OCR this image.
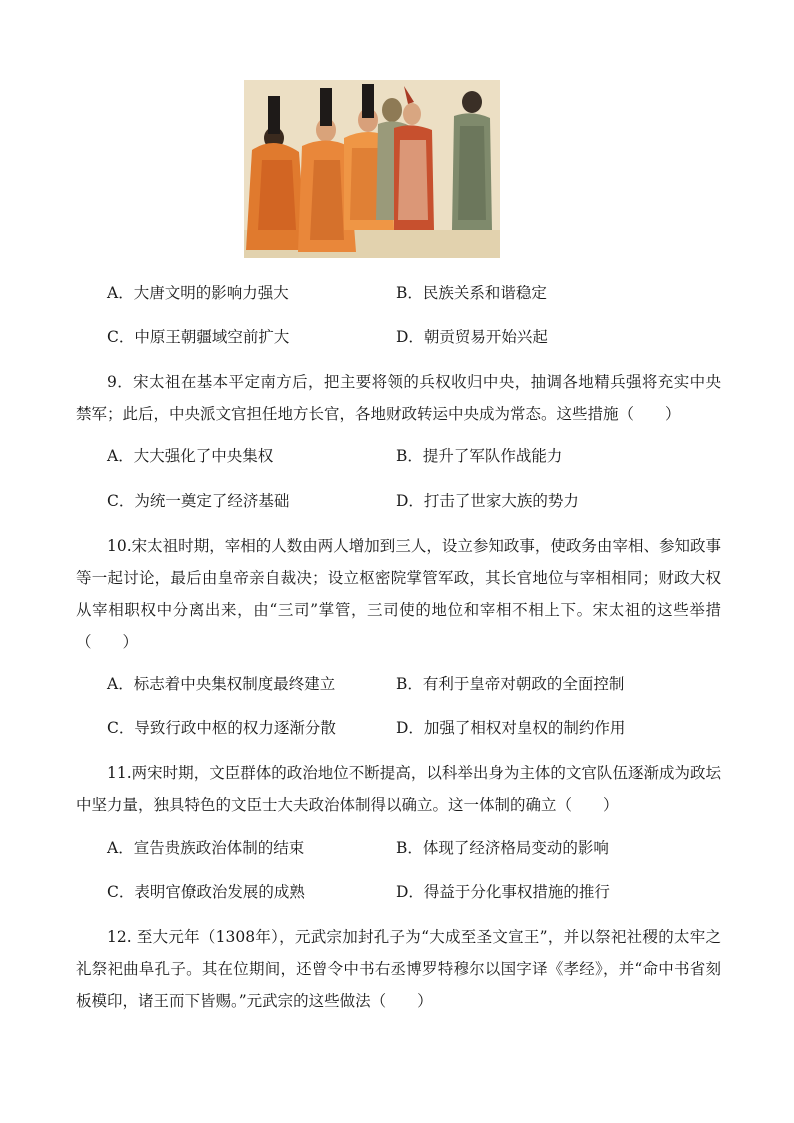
A．大唐文明的影响力强大	B．民族关系和谐稳定
C．中原王朝疆域空前扩大	D．朝贡贸易开始兴起

9．宋太祖在基本平定南方后，把主要将领的兵权收归中央，抽调各地精兵强将充实中央禁军；此后，中央派文官担任地方长官，各地财政转运中央成为常态。这些措施（　　）

A．大大强化了中央集权	B．提升了军队作战能力
C．为统一奠定了经济基础	D．打击了世家大族的势力

10.宋太祖时期，宰相的人数由两人增加到三人，设立参知政事，使政务由宰相、参知政事等一起讨论，最后由皇帝亲自裁决；设立枢密院掌管军政，其长官地位与宰相相同；财政大权从宰相职权中分离出来，由“三司”掌管，三司使的地位和宰相不相上下。宋太祖的这些举措（　　）

A．标志着中央集权制度最终建立	B．有利于皇帝对朝政的全面控制
C．导致行政中枢的权力逐渐分散	D．加强了相权对皇权的制约作用

11.两宋时期，文臣群体的政治地位不断提高，以科举出身为主体的文官队伍逐渐成为政坛中坚力量，独具特色的文臣士大夫政治体制得以确立。这一体制的确立（　　）

A．宣告贵族政治体制的结束	B．体现了经济格局变动的影响
C．表明官僚政治发展的成熟	D．得益于分化事权措施的推行

12. 至大元年（1308年），元武宗加封孔子为“大成至圣文宣王”，并以祭祀社稷的太牢之礼祭祀曲阜孔子。其在位期间，还曾令中书右丞博罗特穆尔以国字译《孝经》，并“命中书省刻板模印，诸王而下皆赐。”元武宗的这些做法（　　）
